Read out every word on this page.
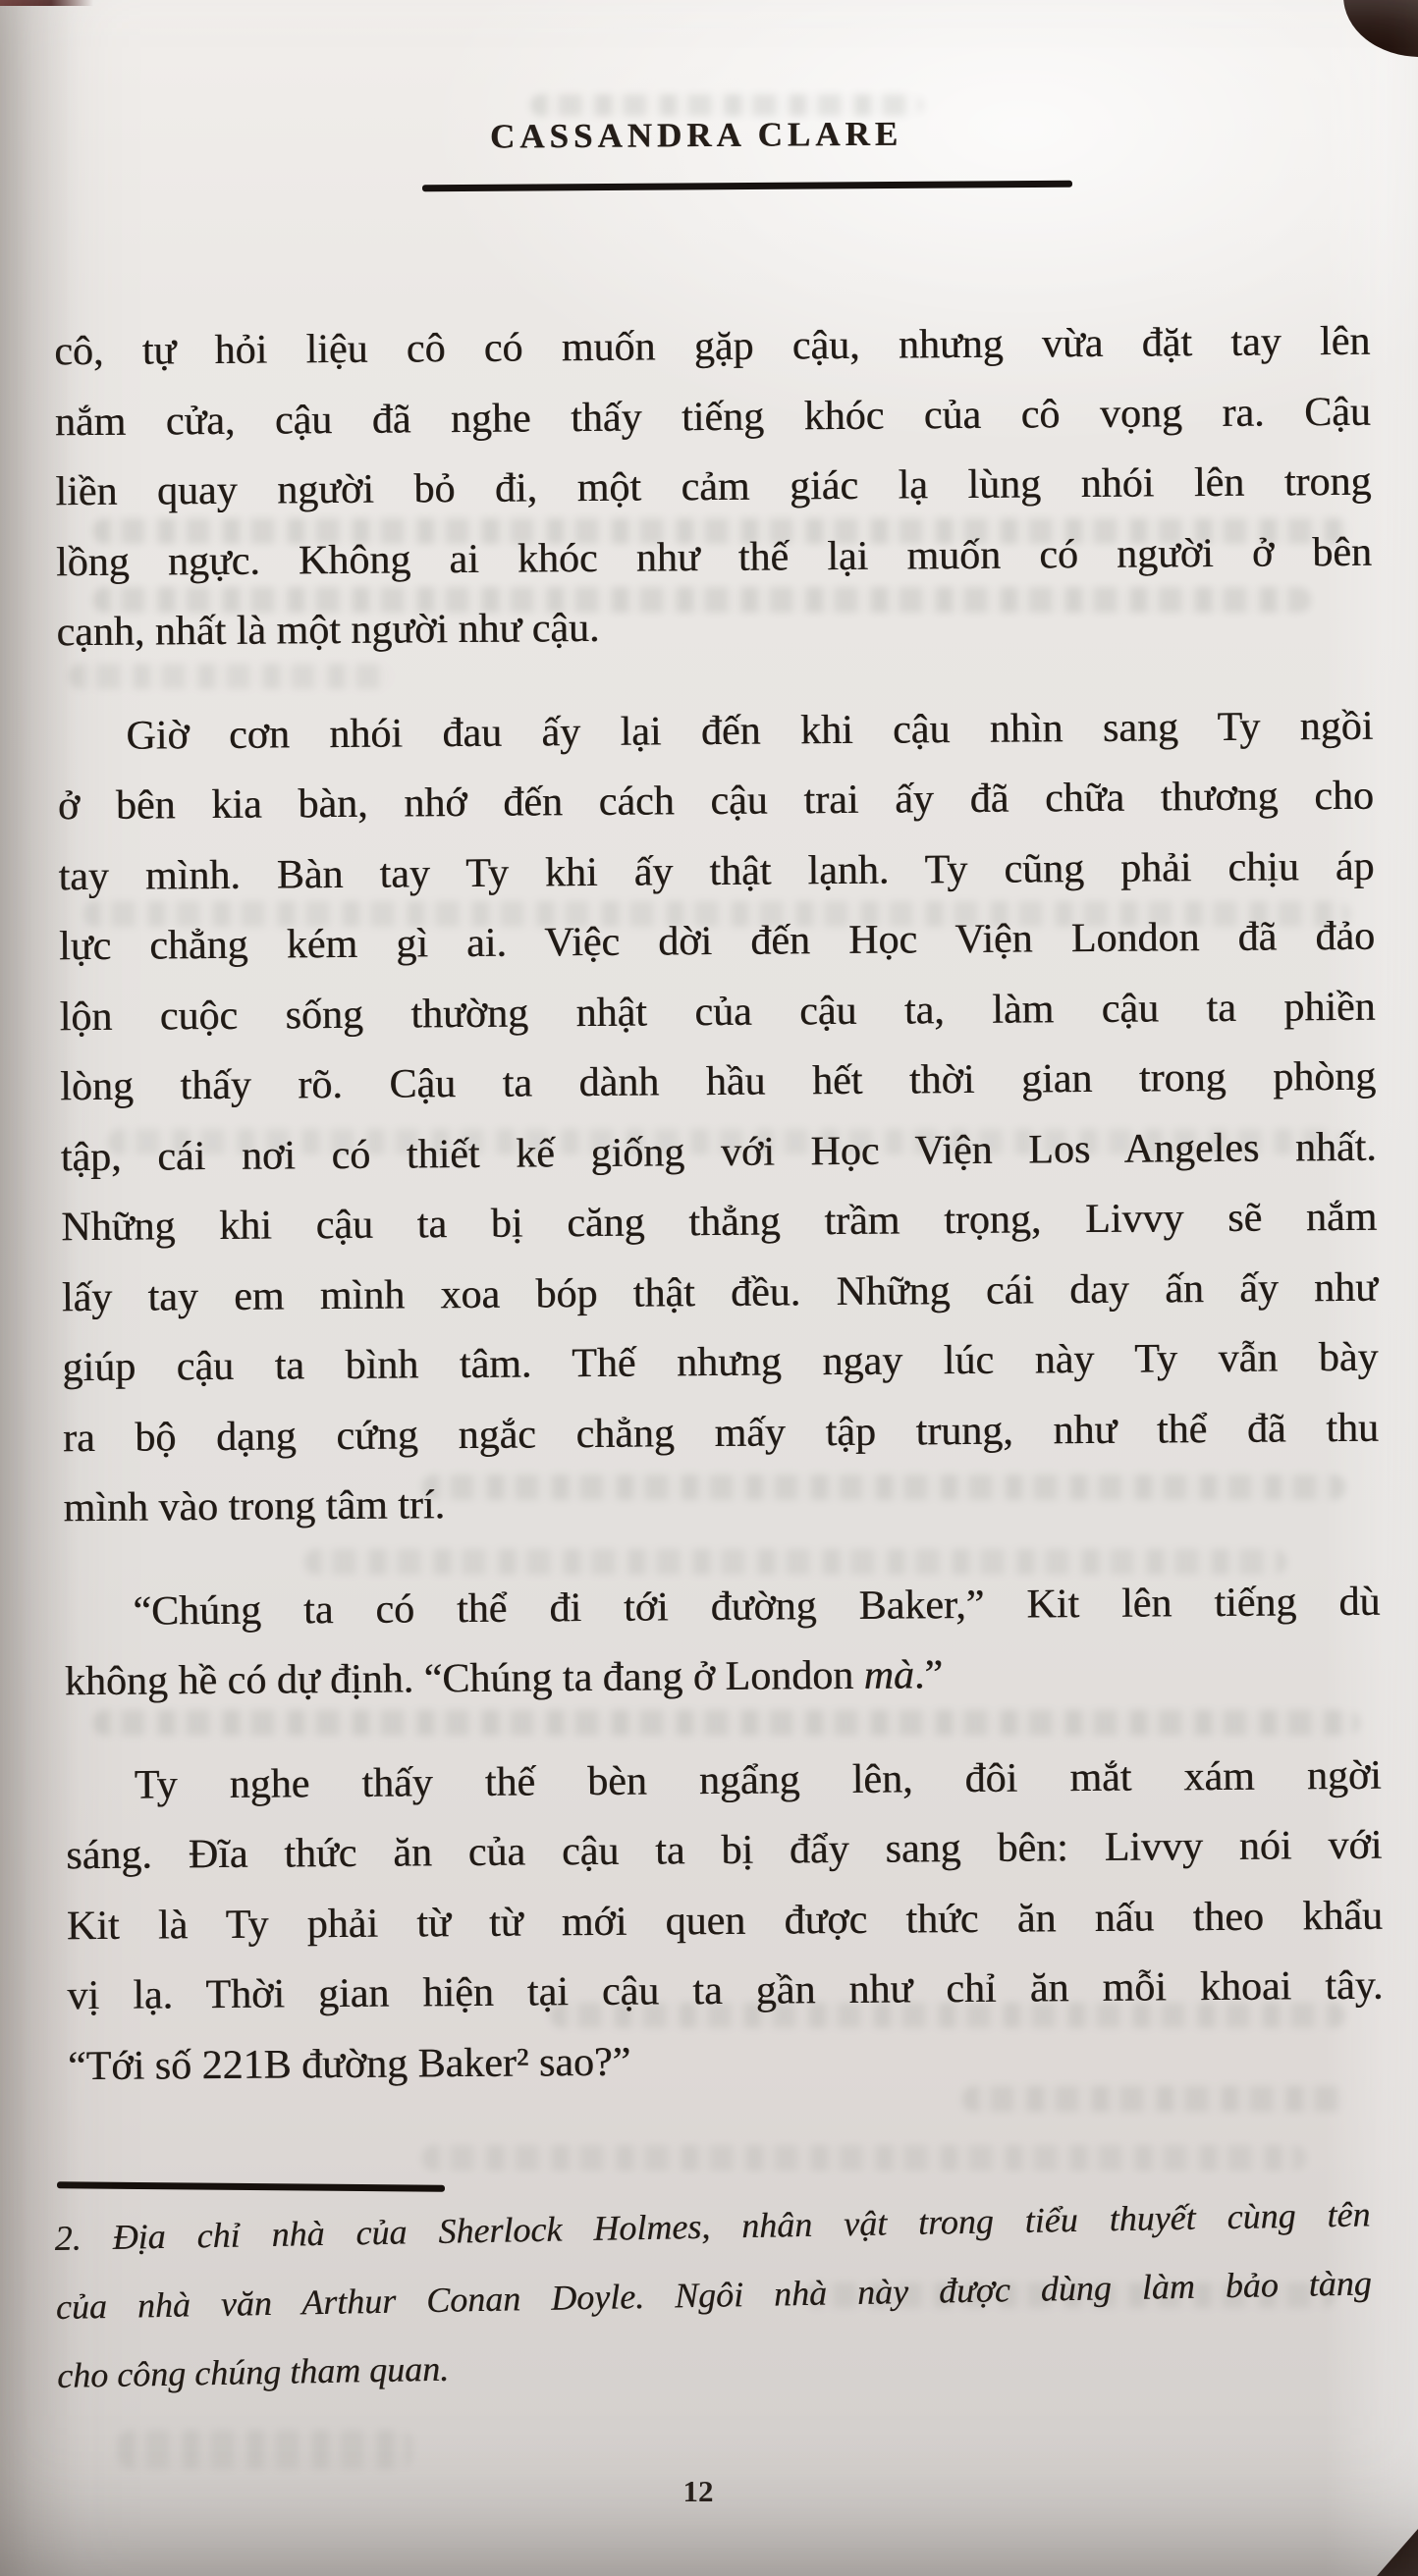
CASSANDRA CLARE
cô, tự hỏi liệu cô có muốn gặp cậu, nhưng vừa đặt tay lên
nắm cửa, cậu đã nghe thấy tiếng khóc của cô vọng ra. Cậu
liền quay người bỏ đi, một cảm giác lạ lùng nhói lên trong
lồng ngực. Không ai khóc như thế lại muốn có người ở bên
cạnh, nhất là một người như cậu.
Giờ cơn nhói đau ấy lại đến khi cậu nhìn sang Ty ngồi
ở bên kia bàn, nhớ đến cách cậu trai ấy đã chữa thương cho
tay mình. Bàn tay Ty khi ấy thật lạnh. Ty cũng phải chịu áp
lực chẳng kém gì ai. Việc dời đến Học Viện London đã đảo
lộn cuộc sống thường nhật của cậu ta, làm cậu ta phiền
lòng thấy rõ. Cậu ta dành hầu hết thời gian trong phòng
tập, cái nơi có thiết kế giống với Học Viện Los Angeles nhất.
Những khi cậu ta bị căng thẳng trầm trọng, Livvy sẽ nắm
lấy tay em mình xoa bóp thật đều. Những cái day ấn ấy như
giúp cậu ta bình tâm. Thế nhưng ngay lúc này Ty vẫn bày
ra bộ dạng cứng ngắc chẳng mấy tập trung, như thể đã thu
mình vào trong tâm trí.
“Chúng ta có thể đi tới đường Baker,” Kit lên tiếng dù
không hề có dự định. “Chúng ta đang ở London mà.”
Ty nghe thấy thế bèn ngẩng lên, đôi mắt xám ngời
sáng. Đĩa thức ăn của cậu ta bị đẩy sang bên: Livvy nói với
Kit là Ty phải từ từ mới quen được thức ăn nấu theo khẩu
vị lạ. Thời gian hiện tại cậu ta gần như chỉ ăn mỗi khoai tây.
“Tới số 221B đường Baker² sao?”
2. Địa chỉ nhà của Sherlock Holmes, nhân vật trong tiểu thuyết cùng tên
của nhà văn Arthur Conan Doyle. Ngôi nhà này được dùng làm bảo tàng
cho công chúng tham quan.
12
